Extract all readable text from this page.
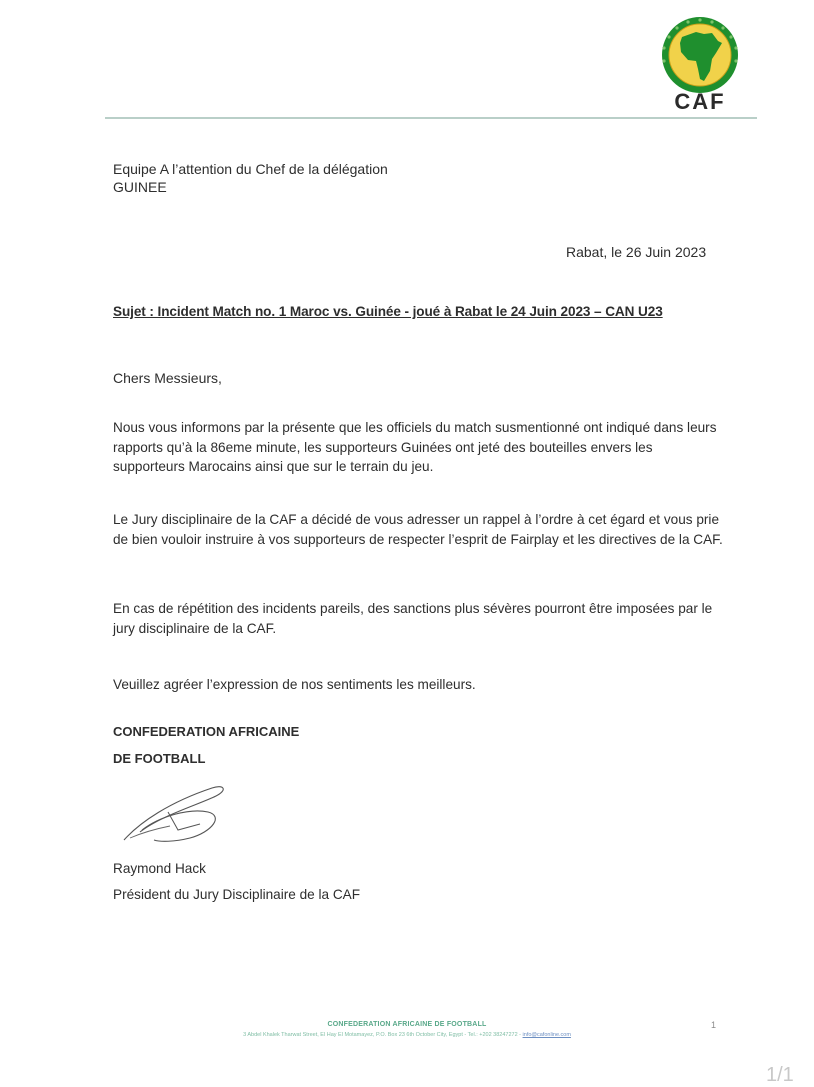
CAF
Equipe A l’attention du Chef de la délégation
GUINEE
Rabat, le 26 Juin 2023
Sujet : Incident Match no. 1 Maroc vs. Guinée - joué à Rabat le 24 Juin 2023 – CAN U23
Chers Messieurs,
Nous vous informons par la présente que les officiels du match susmentionné ont indiqué dans leurs rapports qu’à la 86eme minute, les supporteurs Guinées ont jeté des bouteilles envers les supporteurs Marocains ainsi que sur le terrain du jeu.
Le Jury disciplinaire de la CAF a décidé de vous adresser un rappel à l’ordre à cet égard et vous prie de bien vouloir instruire à vos supporteurs de respecter l’esprit de Fairplay et les directives de la CAF.
En cas de répétition des incidents pareils, des sanctions plus sévères pourront être imposées par le jury disciplinaire de la CAF.
Veuillez agréer l’expression de nos sentiments les meilleurs.
CONFEDERATION AFRICAINE
DE FOOTBALL
Raymond Hack
Président du Jury Disciplinaire de la CAF
CONFEDERATION AFRICAINE DE FOOTBALL
3 Abdel Khalek Tharwat Street, El Hay El Motamayez, P.O. Box 23 6th October City, Egypt - Tel.: +202 38247272 - info@cafonline.com
1
1/1
